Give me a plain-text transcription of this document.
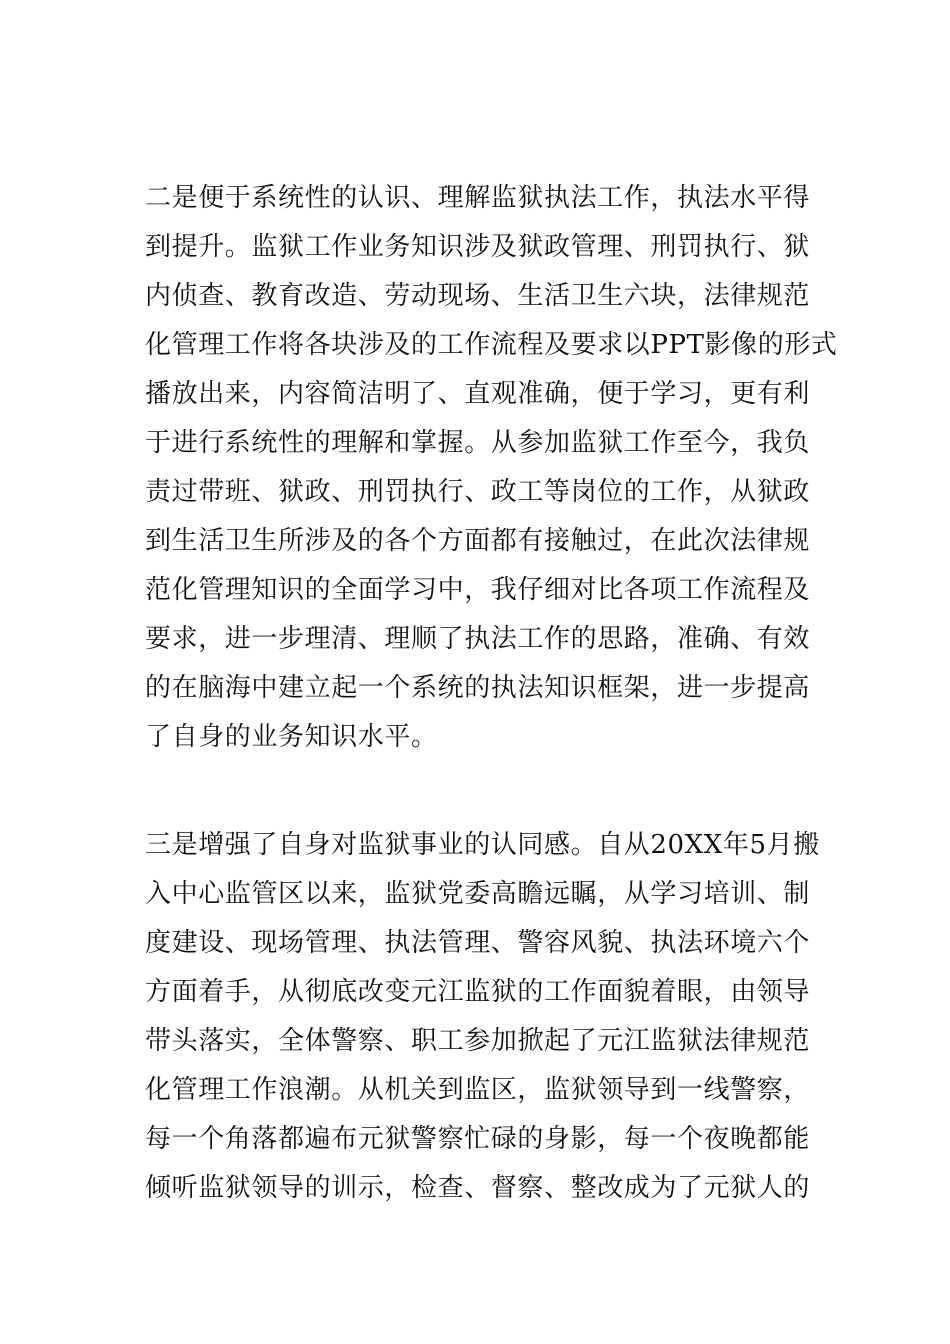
二是便于系统性的认识、理解监狱执法工作，执法水平得
到提升。监狱工作业务知识涉及狱政管理、刑罚执行、狱
内侦查、教育改造、劳动现场、生活卫生六块，法律规范
化管理工作将各块涉及的工作流程及要求以PPT影像的形式
播放出来，内容简洁明了、直观准确，便于学习，更有利
于进行系统性的理解和掌握。从参加监狱工作至今，我负
责过带班、狱政、刑罚执行、政工等岗位的工作，从狱政
到生活卫生所涉及的各个方面都有接触过，在此次法律规
范化管理知识的全面学习中，我仔细对比各项工作流程及
要求，进一步理清、理顺了执法工作的思路，准确、有效
的在脑海中建立起一个系统的执法知识框架，进一步提高
了自身的业务知识水平。
三是增强了自身对监狱事业的认同感。自从20XX年5月搬
入中心监管区以来，监狱党委高瞻远瞩，从学习培训、制
度建设、现场管理、执法管理、警容风貌、执法环境六个
方面着手，从彻底改变元江监狱的工作面貌着眼，由领导
带头落实，全体警察、职工参加掀起了元江监狱法律规范
化管理工作浪潮。从机关到监区，监狱领导到一线警察，
每一个角落都遍布元狱警察忙碌的身影，每一个夜晚都能
倾听监狱领导的训示，检查、督察、整改成为了元狱人的
